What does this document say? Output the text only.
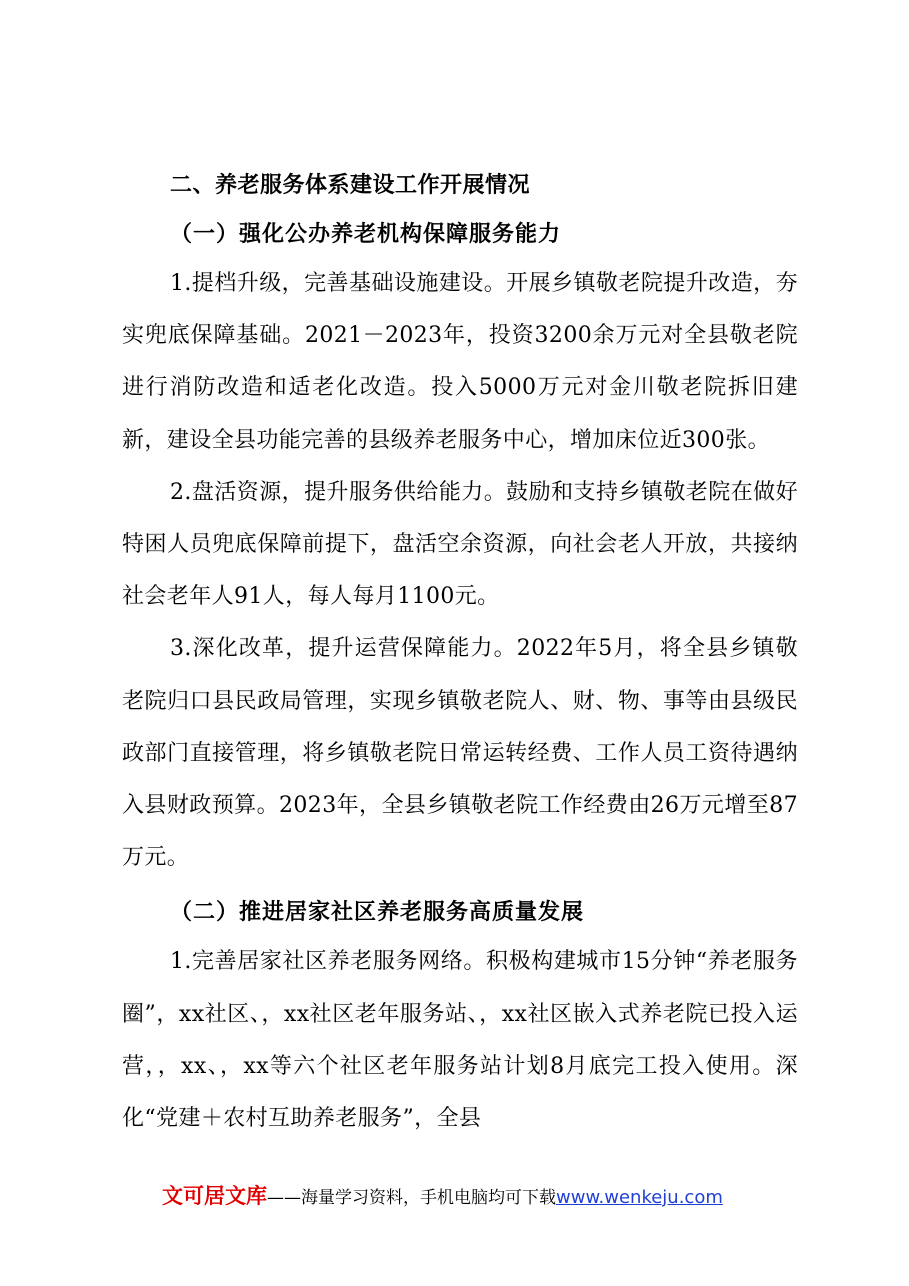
二、养老服务体系建设工作开展情况
（一）强化公办养老机构保障服务能力

1.提档升级，完善基础设施建设。开展乡镇敬老院提升改造，夯实兜底保障基础。2021－2023年，投资3200余万元对全县敬老院进行消防改造和适老化改造。投入5000万元对金川敬老院拆旧建新，建设全县功能完善的县级养老服务中心，增加床位近300张。

2.盘活资源，提升服务供给能力。鼓励和支持乡镇敬老院在做好特困人员兜底保障前提下，盘活空余资源，向社会老人开放，共接纳社会老年人91人，每人每月1100元。

3.深化改革，提升运营保障能力。2022年5月，将全县乡镇敬老院归口县民政局管理，实现乡镇敬老院人、财、物、事等由县级民政部门直接管理，将乡镇敬老院日常运转经费、工作人员工资待遇纳入县财政预算。2023年，全县乡镇敬老院工作经费由26万元增至87万元。

（二）推进居家社区养老服务高质量发展

1.完善居家社区养老服务网络。积极构建城市15分钟“养老服务圈”，xx社区、，xx社区老年服务站、，xx社区嵌入式养老院已投入运营，，xx、，xx等六个社区老年服务站计划8月底完工投入使用。深化“党建＋农村互助养老服务”，全县

文可居文库——海量学习资料，手机电脑均可下载www.wenkeju.com
